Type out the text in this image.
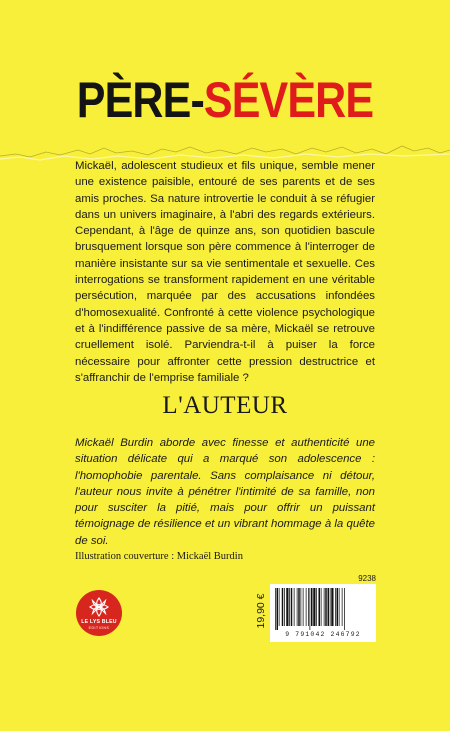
PÈRE-SÉVÈRE

Mickaël, adolescent studieux et fils unique, semble mener une existence paisible, entouré de ses parents et de ses amis proches. Sa nature introvertie le conduit à se réfugier dans un univers imaginaire, à l'abri des regards extérieurs. Cependant, à l'âge de quinze ans, son quotidien bascule brusquement lorsque son père commence à l'interroger de manière insistante sur sa vie sentimentale et sexuelle. Ces interrogations se transforment rapidement en une véritable persécution, marquée par des accusations infondées d'homosexualité. Confronté à cette violence psychologique et à l'indifférence passive de sa mère, Mickaël se retrouve cruellement isolé. Parviendra-t-il à puiser la force nécessaire pour affronter cette pression destructrice et s'affranchir de l'emprise familiale ?

L'AUTEUR

Mickaël Burdin aborde avec finesse et authenticité une situation délicate qui a marqué son adolescence : l'homophobie parentale. Sans complaisance ni détour, l'auteur nous invite à pénétrer l'intimité de sa famille, non pour susciter la pitié, mais pour offrir un puissant témoignage de résilience et un vibrant hommage à la quête de soi.

Illustration couverture : Mickaël Burdin
LE LYS BLEU
EDITIONS
9238
19,90 €
9 791042 246792
